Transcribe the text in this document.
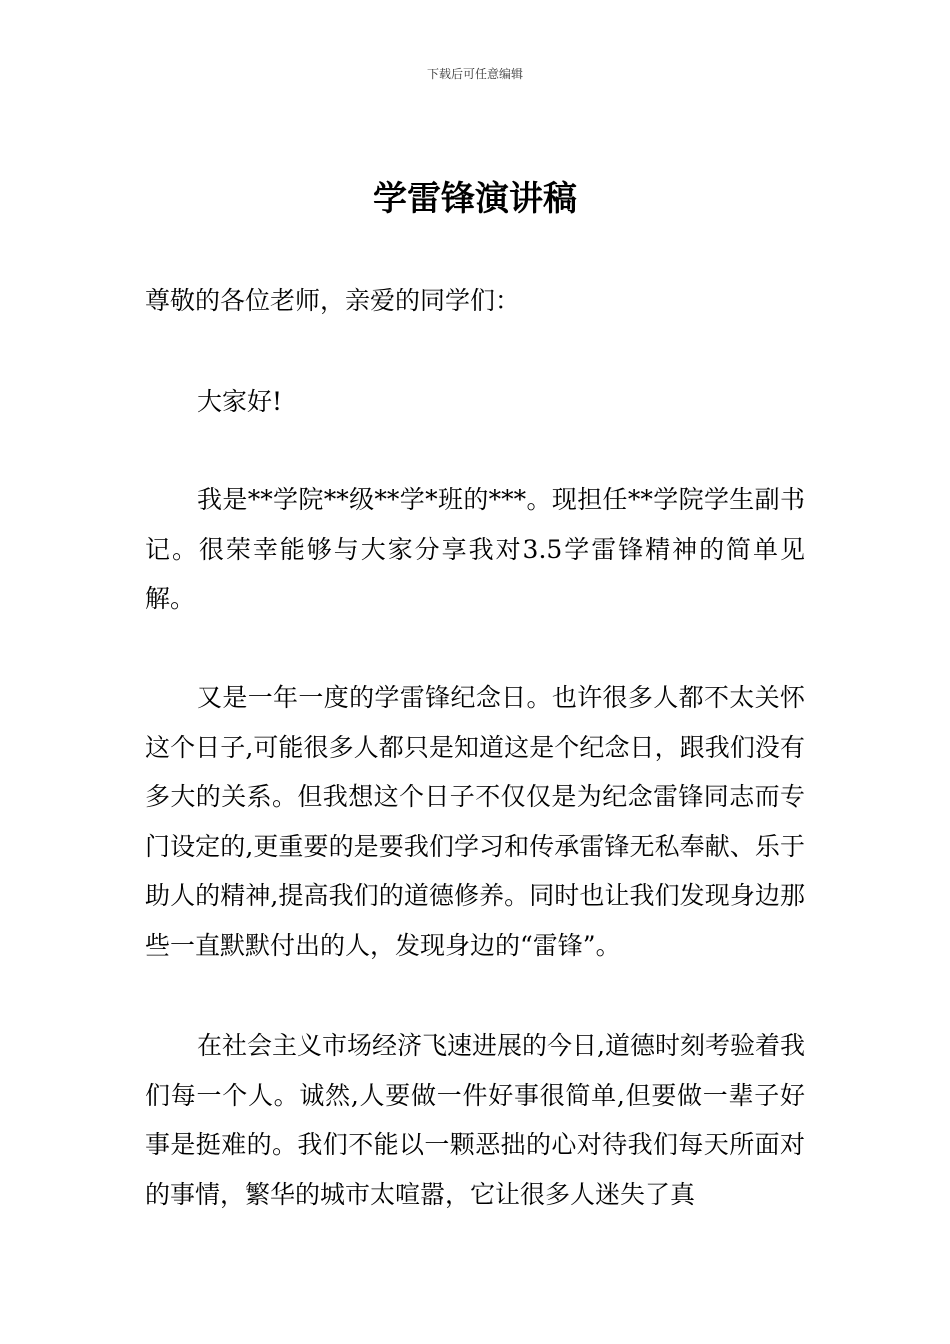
下载后可任意编辑
学雷锋演讲稿

尊敬的各位老师，亲爱的同学们：

大家好!

我是**学院**级**学*班的***。现担任**学院学生副书记。很荣幸能够与大家分享我对3.5学雷锋精神的简单见解。

又是一年一度的学雷锋纪念日。也许很多人都不太关怀这个日子,可能很多人都只是知道这是个纪念日，跟我们没有多大的关系。但我想这个日子不仅仅是为纪念雷锋同志而专门设定的,更重要的是要我们学习和传承雷锋无私奉献、乐于助人的精神,提高我们的道德修养。同时也让我们发现身边那些一直默默付出的人，发现身边的“雷锋”。

在社会主义市场经济飞速进展的今日,道德时刻考验着我们每一个人。诚然,人要做一件好事很简单,但要做一辈子好事是挺难的。我们不能以一颗恶拙的心对待我们每天所面对的事情，繁华的城市太喧嚣，它让很多人迷失了真
